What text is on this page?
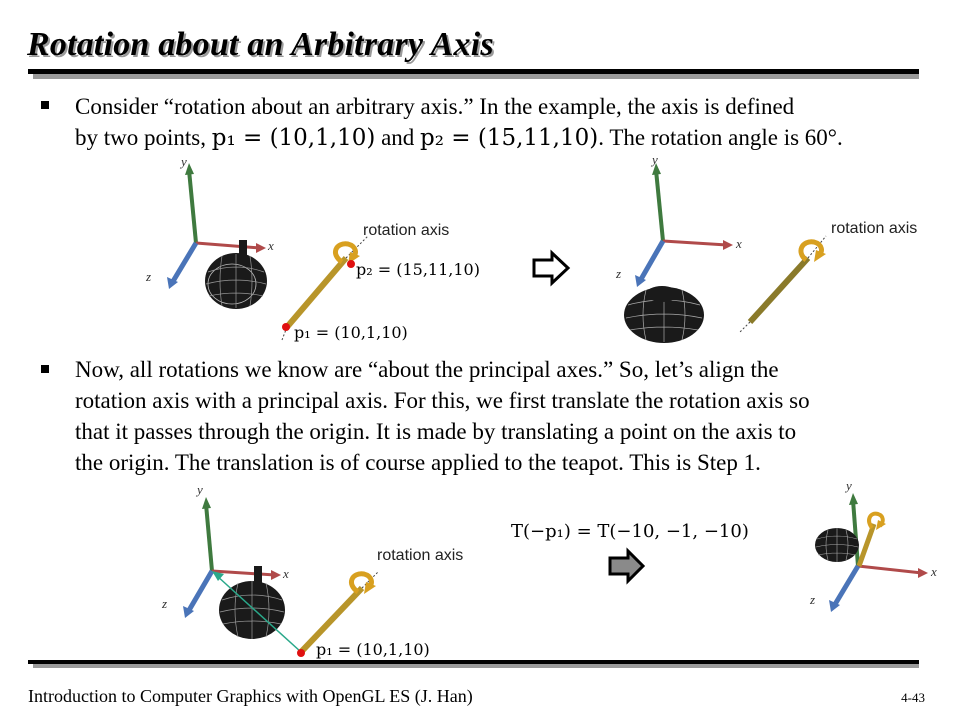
Rotation about an Arbitrary Axis
Consider “rotation about an arbitrary axis.” In the example, the axis is defined
by two points, p₁ = (10,1,10) and p₂ = (15,11,10). The rotation angle is 60°.
y
x
z
rotation axis
p₂ = (15,11,10)
p₁ = (10,1,10)
y
x
z
rotation axis
Now, all rotations we know are “about the principal axes.” So, let’s align the
rotation axis with a principal axis. For this, we first translate the rotation axis so
that it passes through the origin. It is made by translating a point on the axis to
the origin. The translation is of course applied to the teapot. This is Step 1.
y
x
z
rotation axis
p₁ = (10,1,10)
T(−p₁) = T(−10, −1, −10)
y
x
z
Introduction to Computer Graphics with OpenGL ES (J. Han)	4-43
